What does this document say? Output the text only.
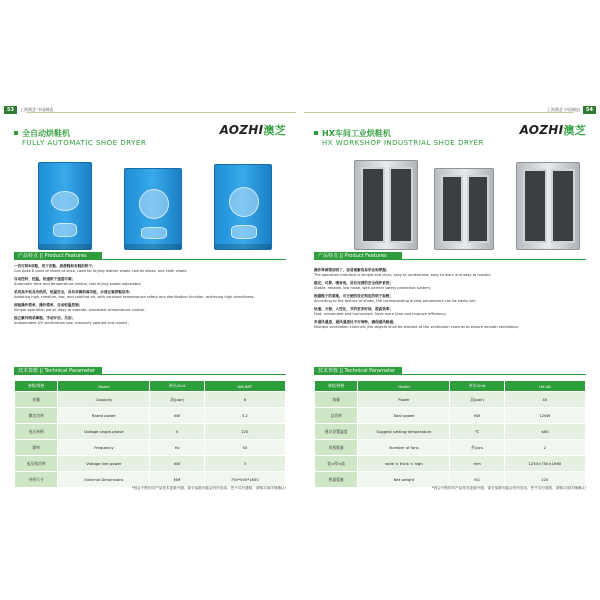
53	上海澳芝 中国制造
AOZHI澳芝
全自动烘鞋机
FULLY AUTOMATIC SHOE DRYER
产品特点 || Product Features
一次可烘8双鞋，用于皮鞋、旅游鞋和布鞋的烘干；
Can bake 8 pairs of shoes at once, used for drying leather shoes, tourist shoes, and cloth shoes;
自动控时、控温，快速烘干速度可调；
Automatic time and temperature control, fast drying speed adjustable;
采用高中低及冷热风，恒温安全，具有杀菌消毒功能，水周过氧烘鞋洁净；
Adopting high, medium, low, and cold/hot air, with constant temperature safety and sterilization function, achieving high cleanliness;
面板操作简单，操作简单，自动恒温控制；
Simple operation panel, easy to operate, automatic temperature control ;
独立紫外线杀菌箱，手动开启、关闭；
Independent UV sterilization box, manually opened and closed ;
技术参数 || Technical Parameter
参数/规格	Model	单位/Unit	AW-88T
容量	Capacity	双(pair)	8
额定功率	Rated power	KW	3.2
电压单相	Voltage single-phase	V	220
频率	Frequency	Hz	50
电压线功率	Voltage line power	KW	3
外形尺寸	External Dimensions	MM	750*590*1650
*因会不断的对产品技术更新升级，部分参数可能会有所变动，恕不另行通知，请购买前详细确认!
54
上海澳芝 中国制造
AOZHI澳芝
HX车间工业烘鞋机
HX WORKSHOP INDUSTRIAL SHOE DRYER
产品特点 || Product Features
操作界面简洁明了，容易理解容易学会和掌握；
The operation interface is simple and clear, easy to understand, easy to learn and easy to master;
稳定、可靠、噪音低，具有完善的安全保护系统；
Stable, reliable, low noise, with perfect safety protection system;
根据鞋子的质地，可方便的设定相应的烘干参数；
According to the texture of shoes, the corresponding drying parameters can be easily set;
快速、方便、人性化，节约更多时间，提高效率；
Fast, convenient and humanized. Save more time and improve efficiency;
多通风通道，通风通道处不可堆物，确保通风畅通；
Multiple ventilation channels (No objects shall be stacked at the ventilation channel to ensure smooth ventilation;
技术参数 || Technical Parameter
参数/规格	Model	单位/Unit	HX-48
容量	Power	双(pair)	40
总功率	Total power	KW	12KW
建议设置温度	Suggest setting temperature	℃	≤60
风机数量	Number of fans	件/pcs	2
宽×厚×高	wide × thick × high	mm	1250×750×1960
机器重量	Net weight	KG	220
*因会不断的对产品技术更新升级，部分参数可能会有所变动，恕不另行通知，请购买前详细确认!
